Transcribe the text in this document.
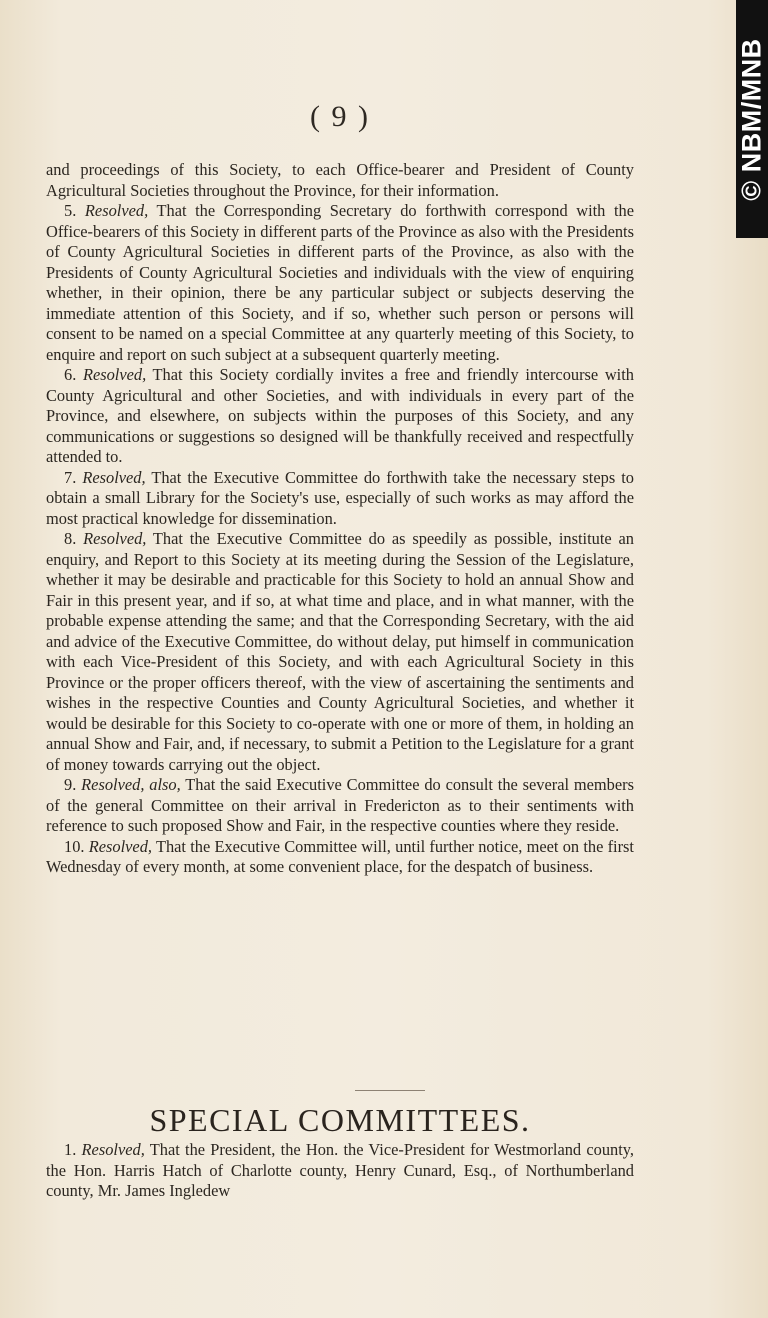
© NBM/MNB
( 9 )

and proceedings of this Society, to each Office-bearer and President of County Agricultural Societies throughout the Province, for their information.

5. Resolved, That the Corresponding Secretary do forthwith correspond with the Office-bearers of this Society in different parts of the Province as also with the Presidents of County Agricultural Societies in different parts of the Province, as also with the Presidents of County Agricultural Societies and individuals with the view of enquiring whether, in their opinion, there be any particular subject or subjects deserving the immediate attention of this Society, and if so, whether such person or persons will consent to be named on a special Committee at any quarterly meeting of this Society, to enquire and report on such subject at a subsequent quarterly meeting.

6. Resolved, That this Society cordially invites a free and friendly intercourse with County Agricultural and other Societies, and with individuals in every part of the Province, and elsewhere, on subjects within the purposes of this Society, and any communications or suggestions so designed will be thankfully received and respectfully attended to.

7. Resolved, That the Executive Committee do forthwith take the necessary steps to obtain a small Library for the Society's use, especially of such works as may afford the most practical knowledge for dissemination.

8. Resolved, That the Executive Committee do as speedily as possible, institute an enquiry, and Report to this Society at its meeting during the Session of the Legislature, whether it may be desirable and practicable for this Society to hold an annual Show and Fair in this present year, and if so, at what time and place, and in what manner, with the probable expense attending the same; and that the Corresponding Secretary, with the aid and advice of the Executive Committee, do without delay, put himself in communication with each Vice-President of this Society, and with each Agricultural Society in this Province or the proper officers thereof, with the view of ascertaining the sentiments and wishes in the respective Counties and County Agricultural Societies, and whether it would be desirable for this Society to co-operate with one or more of them, in holding an annual Show and Fair, and, if necessary, to submit a Petition to the Legislature for a grant of money towards carrying out the object.

9. Resolved, also, That the said Executive Committee do consult the several members of the general Committee on their arrival in Fredericton as to their sentiments with reference to such proposed Show and Fair, in the respective counties where they reside.

10. Resolved, That the Executive Committee will, until further notice, meet on the first Wednesday of every month, at some convenient place, for the despatch of business.

SPECIAL COMMITTEES.

1. Resolved, That the President, the Hon. the Vice-President for Westmorland county, the Hon. Harris Hatch of Charlotte county, Henry Cunard, Esq., of Northumberland county, Mr. James Ingledew
